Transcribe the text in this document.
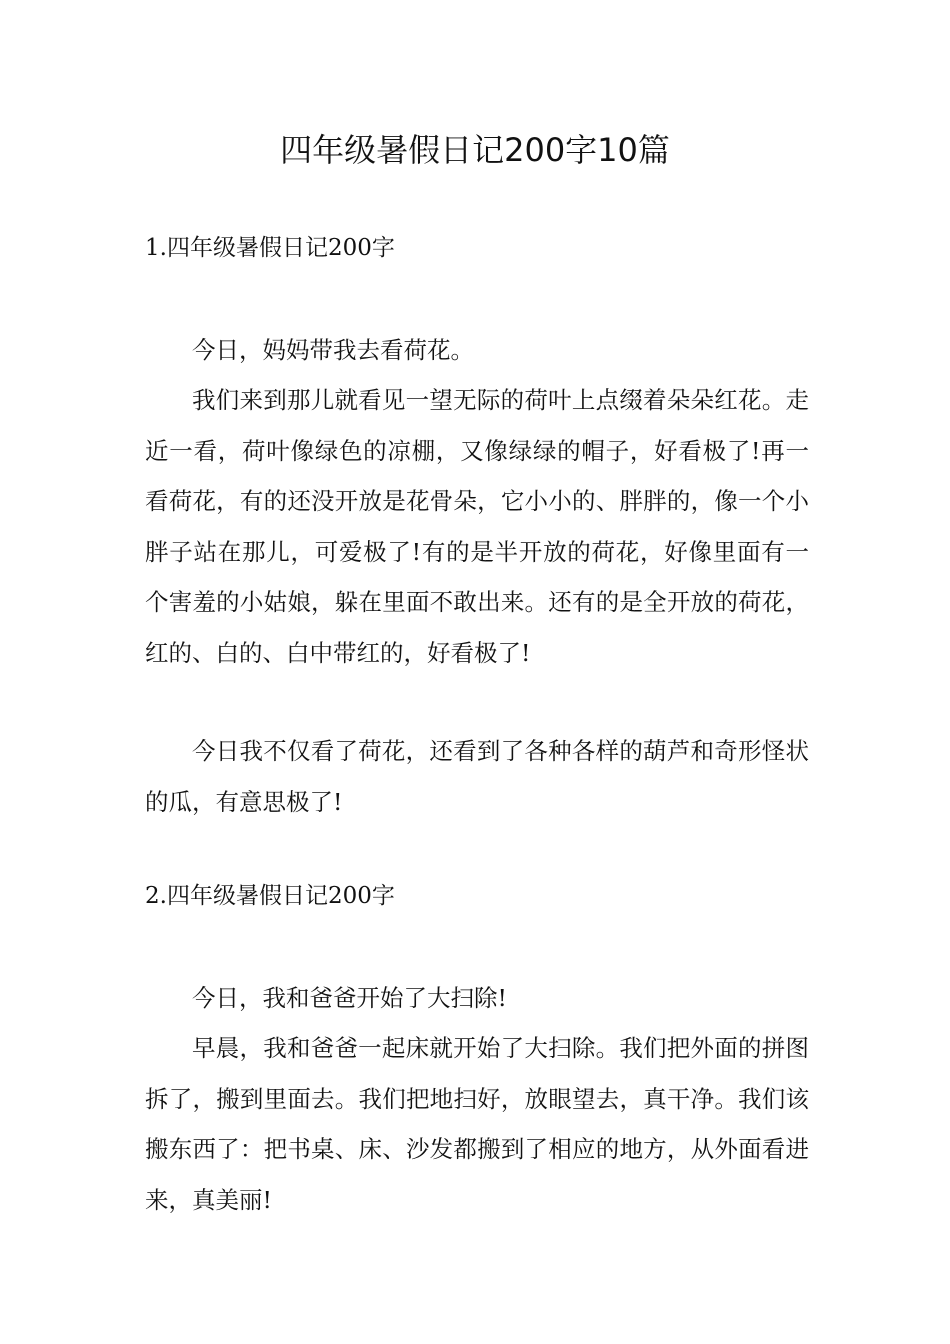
四年级暑假日记200字10篇
1.四年级暑假日记200字

今日，妈妈带我去看荷花。

我们来到那儿就看见一望无际的荷叶上点缀着朵朵红花。走近一看，荷叶像绿色的凉棚，又像绿绿的帽子，好看极了!再一看荷花，有的还没开放是花骨朵，它小小的、胖胖的，像一个小胖子站在那儿，可爱极了!有的是半开放的荷花，好像里面有一个害羞的小姑娘，躲在里面不敢出来。还有的是全开放的荷花，红的、白的、白中带红的，好看极了!

今日我不仅看了荷花，还看到了各种各样的葫芦和奇形怪状的瓜，有意思极了!

2.四年级暑假日记200字

今日，我和爸爸开始了大扫除!

早晨，我和爸爸一起床就开始了大扫除。我们把外面的拼图拆了，搬到里面去。我们把地扫好，放眼望去，真干净。我们该搬东西了：把书桌、床、沙发都搬到了相应的地方，从外面看进来，真美丽!
